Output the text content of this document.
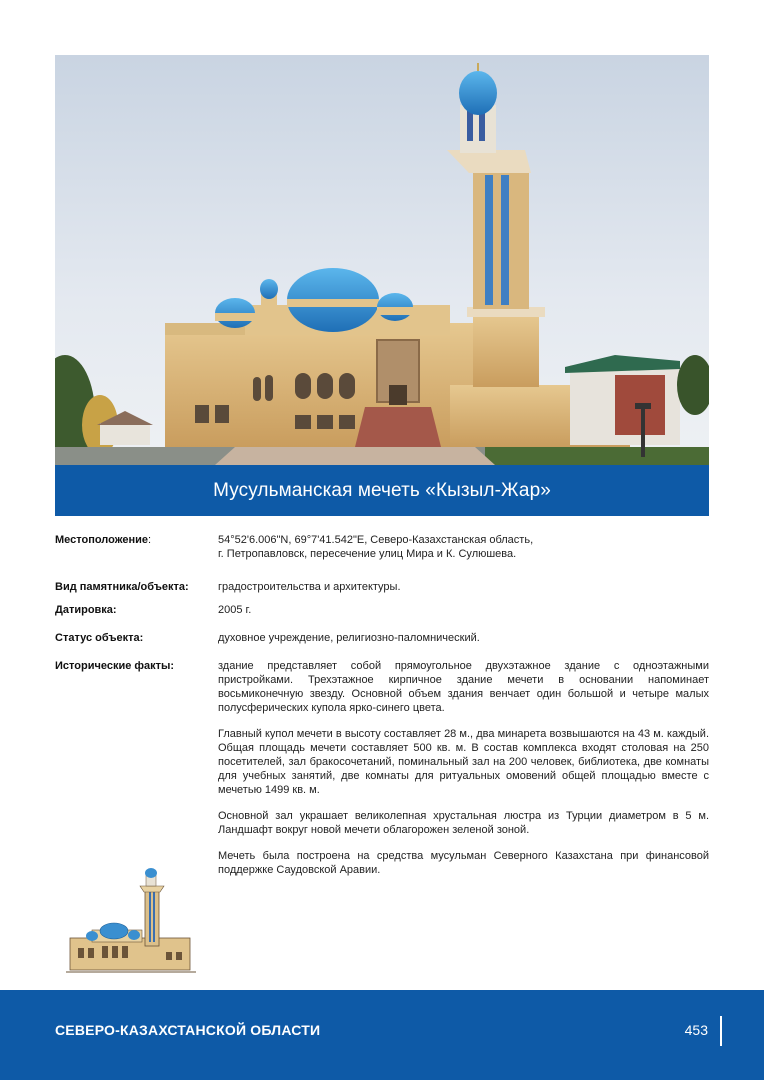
Мусульманская мечеть «Кызыл-Жар»
Местоположение:	54°52'6.006"N, 69°7'41.542"E, Северо-Казахстанская область,
г. Петропавловск, пересечение улиц Мира и К. Сулюшева.
Вид памятника/объекта:	градостроительства и архитектуры.
Датировка:	2005 г.
Статус объекта:	духовное учреждение, религиозно-паломнический.
Исторические факты:	здание представляет собой прямоугольное двухэтажное здание с одноэтажными пристройками. Трехэтажное кирпичное здание мечети в основании напоминает восьмиконечную звезду. Основной объем здания венчает один большой и четыре малых полусферических купола ярко-синего цвета.

Главный купол мечети в высоту составляет 28 м., два минарета возвышаются на 43 м. каждый. Общая площадь мечети составляет 500 кв. м. В состав комплекса входят столовая на 250 посетителей, зал бракосочетаний, поминальный зал на 200 человек, библиотека, две комнаты для учебных занятий, две комнаты для ритуальных омовений общей площадью вместе с мечетью 1499 кв. м.

Основной зал украшает великолепная хрустальная люстра из Турции диаметром в 5 м. Ландшафт вокруг новой мечети облагорожен зеленой зоной.

Мечеть была построена на средства мусульман Северного Казахстана при финансовой поддержке Саудовской Аравии.

СЕВЕРО-КАЗАХСТАНСКОЙ ОБЛАСТИ	453
